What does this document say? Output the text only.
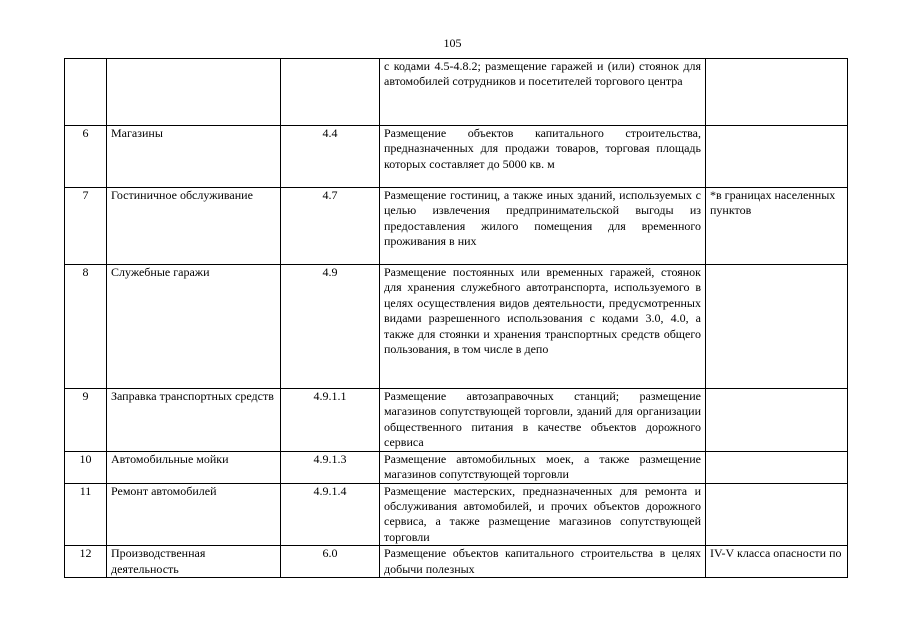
105
			с кодами 4.5-4.8.2; размещение гаражей и (или) стоянок для автомобилей сотрудников и посетителей торгового центра	
6	Магазины	4.4	Размещение объектов капитального строительства, предназначенных для продажи товаров, торговая площадь которых составляет до 5000 кв. м	
7	Гостиничное обслуживание	4.7	Размещение гостиниц, а также иных зданий, используемых с целью извлечения предпринимательской выгоды из предоставления жилого помещения для временного проживания в них	*в границах населенных пунктов
8	Служебные гаражи	4.9	Размещение постоянных или временных гаражей, стоянок для хранения служебного автотранспорта, используемого в целях осуществления видов деятельности, предусмотренных видами разрешенного использования с кодами 3.0, 4.0, а также для стоянки и хранения транспортных средств общего пользования, в том числе в депо	
9	Заправка транспортных средств	4.9.1.1	Размещение автозаправочных станций; размещение магазинов сопутствующей торговли, зданий для организации общественного питания в качестве объектов дорожного сервиса	
10	Автомобильные мойки	4.9.1.3	Размещение автомобильных моек, а также размещение магазинов сопутствующей торговли	
11	Ремонт автомобилей	4.9.1.4	Размещение мастерских, предназначенных для ремонта и обслуживания автомобилей, и прочих объектов дорожного сервиса, а также размещение магазинов сопутствующей торговли	
12	Производственная деятельность	6.0	Размещение объектов капитального строительства в целях добычи полезных	IV-V класса опасности по
